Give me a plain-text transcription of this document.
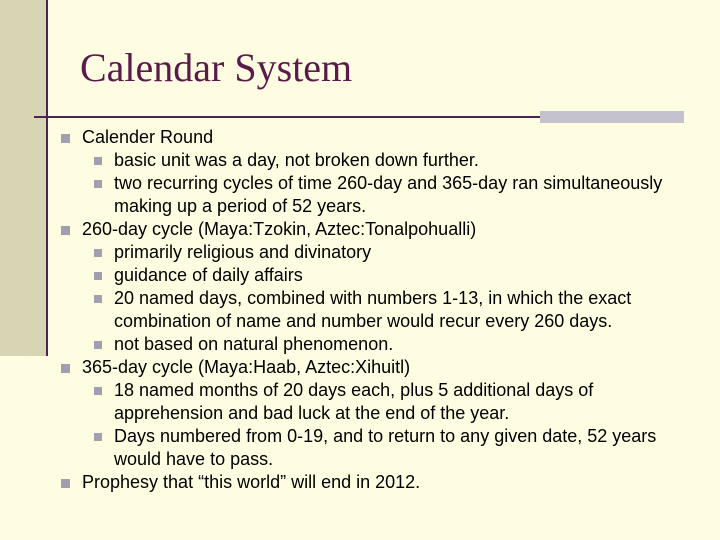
Calendar System
Calender Round
basic unit was a day, not broken down further.
two recurring cycles of time 260-day and 365-day ran simultaneously making up a period of 52 years.
260-day cycle (Maya:Tzokin, Aztec:Tonalpohualli)
primarily religious and divinatory
guidance of daily affairs
20 named days, combined with numbers 1-13, in which the exact combination of name and number would recur every 260 days.
not based on natural phenomenon.
365-day cycle (Maya:Haab, Aztec:Xihuitl)
18 named months of 20 days each, plus 5 additional days of apprehension and bad luck at the end of the year.
Days numbered from 0-19, and to return to any given date, 52 years would have to pass.
Prophesy that “this world” will end in 2012.
